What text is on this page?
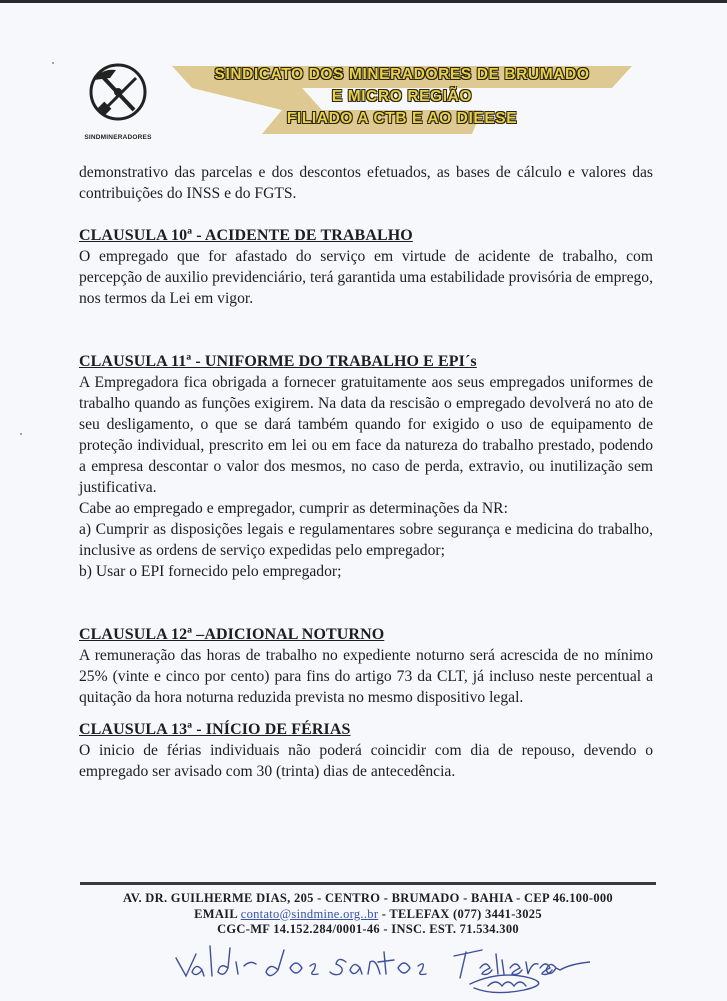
SINDMINERADORES
SINDICATO DOS MINERADORES DE BRUMADO
E MICRO REGIÃO
FILIADO A CTB E AO DIEESE

demonstrativo das parcelas e dos descontos efetuados, as bases de cálculo e valores das contribuições do INSS e do FGTS.

CLAUSULA 10ª - ACIDENTE DE TRABALHO

O empregado que for afastado do serviço em virtude de acidente de trabalho, com percepção de auxilio previdenciário, terá garantida uma estabilidade provisória de emprego, nos termos da Lei em vigor.

CLAUSULA 11ª - UNIFORME DO TRABALHO E EPI´s

A Empregadora fica obrigada a fornecer gratuitamente aos seus empregados uniformes de trabalho quando as funções exigirem. Na data da rescisão o empregado devolverá no ato de seu desligamento, o que se dará também quando for exigido o uso de equipamento de proteção individual, prescrito em lei ou em face da natureza do trabalho prestado, podendo a empresa descontar o valor dos mesmos, no caso de perda, extravio, ou inutilização sem justificativa.

Cabe ao empregado e empregador, cumprir as determinações da NR:

a) Cumprir as disposições legais e regulamentares sobre segurança e medicina do trabalho, inclusive as ordens de serviço expedidas pelo empregador;

b) Usar o EPI fornecido pelo empregador;

CLAUSULA 12ª –ADICIONAL NOTURNO

A remuneração das horas de trabalho no expediente noturno será acrescida de no mínimo 25% (vinte e cinco por cento) para fins do artigo 73 da CLT, já incluso neste percentual a quitação da hora noturna reduzida prevista no mesmo dispositivo legal.

CLAUSULA 13ª - INÍCIO DE FÉRIAS

O inicio de férias individuais não poderá coincidir com dia de repouso, devendo o empregado ser avisado com 30 (trinta) dias de antecedência.

AV. DR. GUILHERME DIAS, 205 - CENTRO - BRUMADO - BAHIA - CEP 46.100-000
EMAIL contato@sindmine.org..br - TELEFAX (077) 3441-3025
CGC-MF 14.152.284/0001-46 - INSC. EST. 71.534.300
